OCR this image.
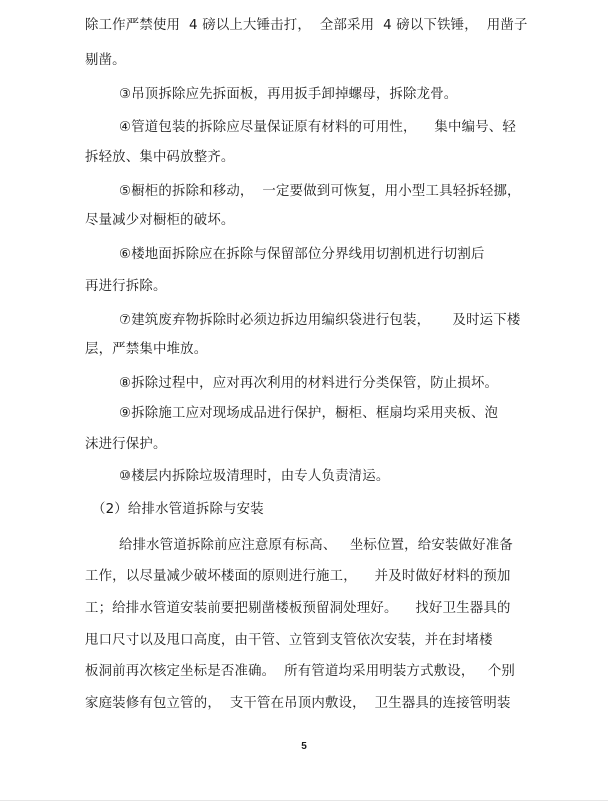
除工作严禁使用  4 磅以上大锤击打，  全部采用  4 磅以下铁锤，  用凿子
剔凿。
③吊顶拆除应先拆面板，再用扳手卸掉螺母，拆除龙骨。
④管道包装的拆除应尽量保证原有材料的可用性，    集中编号、轻
拆轻放、集中码放整齐。
⑤橱柜的拆除和移动，  一定要做到可恢复，用小型工具轻拆轻挪，
尽量减少对橱柜的破坏。
⑥楼地面拆除应在拆除与保留部位分界线用切割机进行切割后
再进行拆除。
⑦建筑废弃物拆除时必须边拆边用编织袋进行包装，     及时运下楼
层，严禁集中堆放。
⑧拆除过程中，应对再次利用的材料进行分类保管，防止损坏。
⑨拆除施工应对现场成品进行保护，橱柜、框扇均采用夹板、泡
沫进行保护。
⑩楼层内拆除垃圾清理时，由专人负责清运。
（2）给排水管道拆除与安装
给排水管道拆除前应注意原有标高、   坐标位置，给安装做好准备
工作，以尽量减少破坏楼面的原则进行施工，    并及时做好材料的预加
工；给排水管道安装前要把剔凿楼板预留洞处理好。    找好卫生器具的
甩口尺寸以及甩口高度，由干管、立管到支管依次安装，并在封堵楼
板洞前再次核定坐标是否准确。  所有管道均采用明装方式敷设，   个别
家庭装修有包立管的，  支干管在吊顶内敷设，  卫生器具的连接管明装
5
